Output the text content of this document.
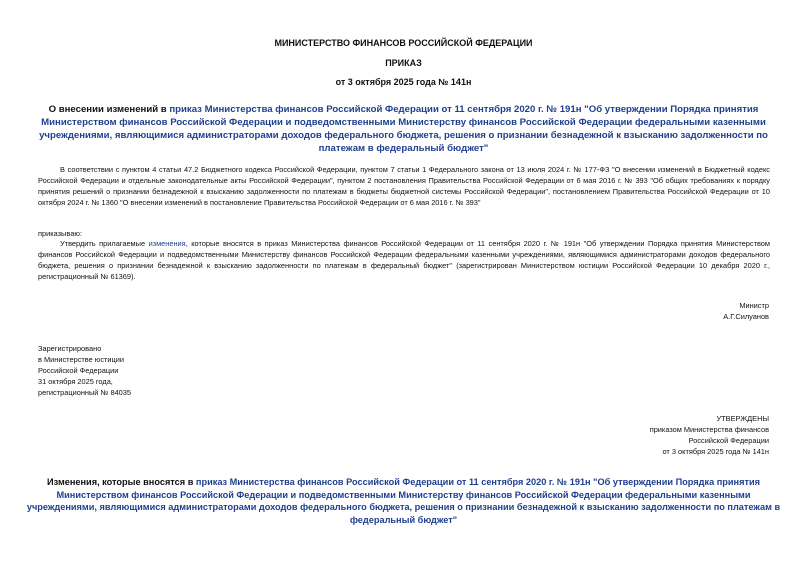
МИНИСТЕРСТВО ФИНАНСОВ РОССИЙСКОЙ ФЕДЕРАЦИИ
ПРИКАЗ
от 3 октября 2025 года № 141н
О внесении изменений в приказ Министерства финансов Российской Федерации от 11 сентября 2020 г. № 191н "Об утверждении Порядка принятия Министерством финансов Российской Федерации и подведомственными Министерству финансов Российской Федерации федеральными казенными учреждениями, являющимися администраторами доходов федерального бюджета, решения о признании безнадежной к взысканию задолженности по платежам в федеральный бюджет"
В соответствии с пунктом 4 статьи 47.2 Бюджетного кодекса Российской Федерации, пунктом 7 статьи 1 Федерального закона от 13 июля 2024 г. № 177-ФЗ "О внесении изменений в Бюджетный кодекс Российской Федерации и отдельные законодательные акты Российской Федерации", пунктом 2 постановления Правительства Российской Федерации от 6 мая 2016 г. № 393 "Об общих требованиях к порядку принятия решений о признании безнадежной к взысканию задолженности по платежам в бюджеты бюджетной системы Российской Федерации", постановлением Правительства Российской Федерации от 10 октября 2024 г. № 1360 "О внесении изменений в постановление Правительства Российской Федерации от 6 мая 2016 г. № 393"
приказываю:
Утвердить прилагаемые изменения, которые вносятся в приказ Министерства финансов Российской Федерации от 11 сентября 2020 г. № 191н "Об утверждении Порядка принятия Министерством финансов Российской Федерации и подведомственными Министерству финансов Российской Федерации федеральными казенными учреждениями, являющимися администраторами доходов федерального бюджета, решения о признании безнадежной к взысканию задолженности по платежам в федеральный бюджет" (зарегистрирован Министерством юстиции Российской Федерации 10 декабря 2020 г., регистрационный № 61369).
Министр
А.Г.Силуанов
Зарегистрировано
в Министерстве юстиции
Российской Федерации
31 октября 2025 года,
регистрационный № 84035
УТВЕРЖДЕНЫ
приказом Министерства финансов
Российской Федерации
от 3 октября 2025 года № 141н
Изменения, которые вносятся в приказ Министерства финансов Российской Федерации от 11 сентября 2020 г. № 191н "Об утверждении Порядка принятия Министерством финансов Российской Федерации и подведомственными Министерству финансов Российской Федерации федеральными казенными учреждениями, являющимися администраторами доходов федерального бюджета, решения о признании безнадежной к взысканию задолженности по платежам в федеральный бюджет"
